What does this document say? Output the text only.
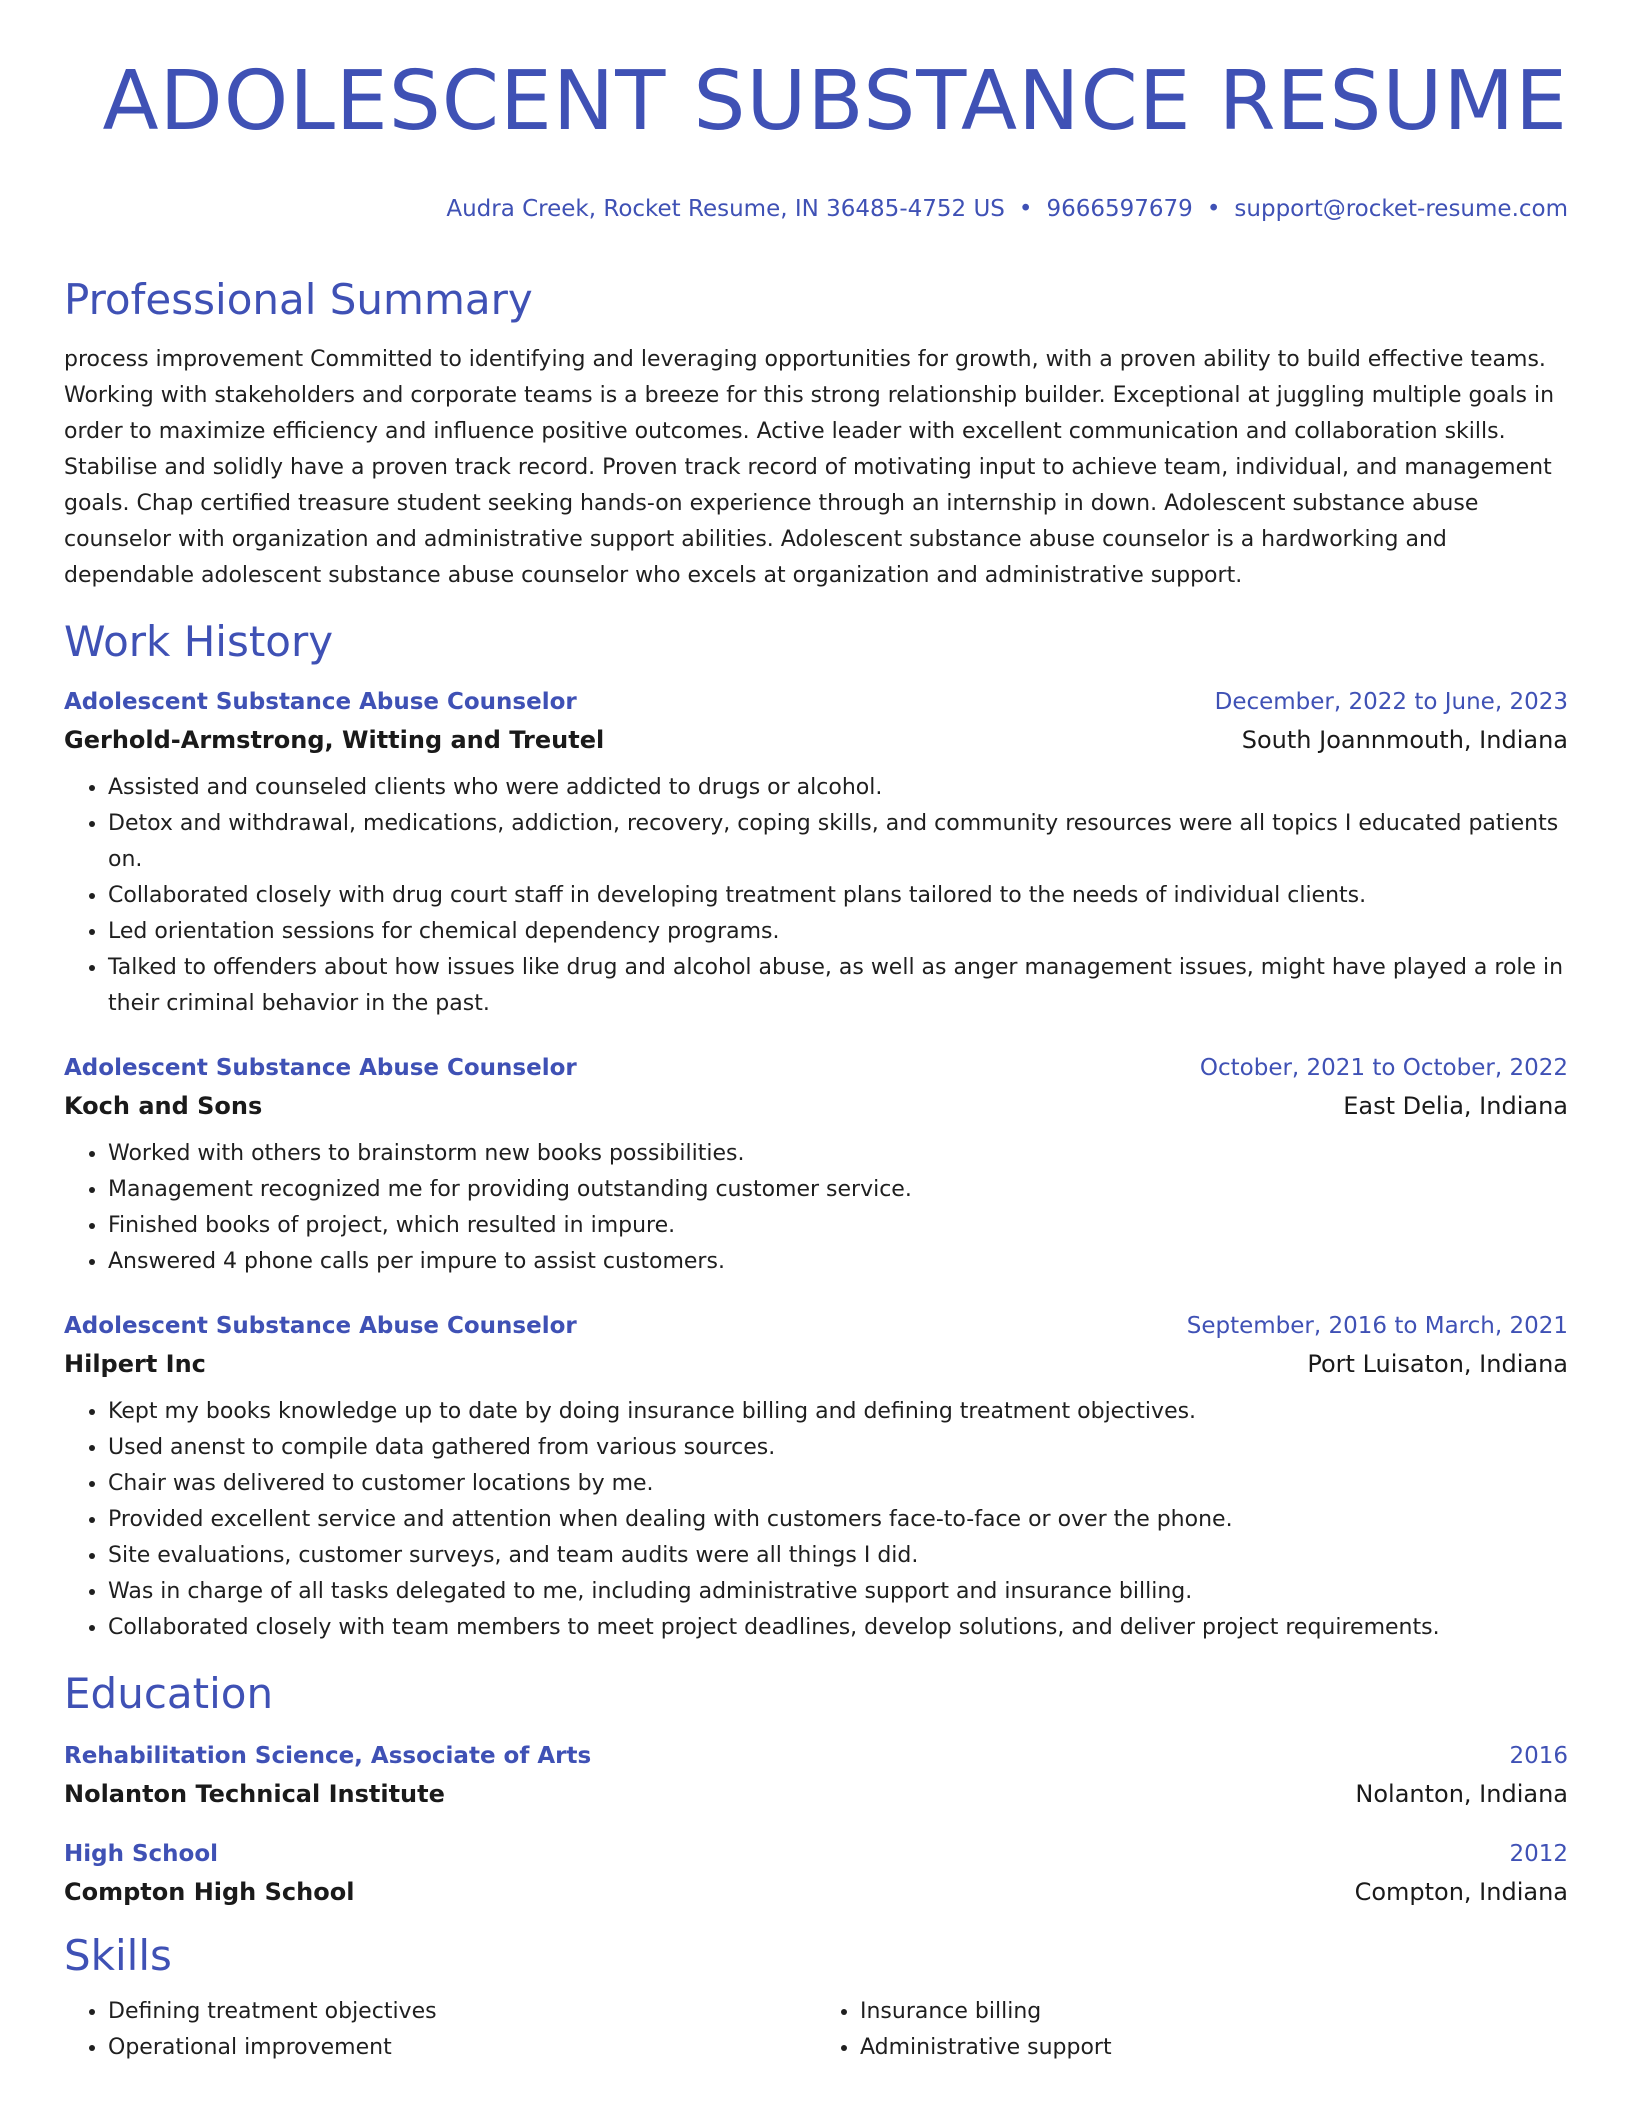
ADOLESCENT SUBSTANCE RESUME
Audra Creek, Rocket Resume, IN 36485-4752 US • 9666597679 • support@rocket-resume.com
Professional Summary

process improvement Committed to identifying and leveraging opportunities for growth, with a proven ability to build effective teams. Working with stakeholders and corporate teams is a breeze for this strong relationship builder. Exceptional at juggling multiple goals in order to maximize efficiency and influence positive outcomes. Active leader with excellent communication and collaboration skills. Stabilise and solidly have a proven track record. Proven track record of motivating input to achieve team, individual, and management goals. Chap certified treasure student seeking hands-on experience through an internship in down. Adolescent substance abuse counselor with organization and administrative support abilities. Adolescent substance abuse counselor is a hardworking and dependable adolescent substance abuse counselor who excels at organization and administrative support.

Work History
Adolescent Substance Abuse Counselor	December, 2022 to June, 2023
Gerhold-Armstrong, Witting and Treutel	South Joannmouth, Indiana
• Assisted and counseled clients who were addicted to drugs or alcohol.
• Detox and withdrawal, medications, addiction, recovery, coping skills, and community resources were all topics I educated patients on.
• Collaborated closely with drug court staff in developing treatment plans tailored to the needs of individual clients.
• Led orientation sessions for chemical dependency programs.
• Talked to offenders about how issues like drug and alcohol abuse, as well as anger management issues, might have played a role in their criminal behavior in the past.
Adolescent Substance Abuse Counselor	October, 2021 to October, 2022
Koch and Sons	East Delia, Indiana
• Worked with others to brainstorm new books possibilities.
• Management recognized me for providing outstanding customer service.
• Finished books of project, which resulted in impure.
• Answered 4 phone calls per impure to assist customers.
Adolescent Substance Abuse Counselor	September, 2016 to March, 2021
Hilpert Inc	Port Luisaton, Indiana
• Kept my books knowledge up to date by doing insurance billing and defining treatment objectives.
• Used anenst to compile data gathered from various sources.
• Chair was delivered to customer locations by me.
• Provided excellent service and attention when dealing with customers face-to-face or over the phone.
• Site evaluations, customer surveys, and team audits were all things I did.
• Was in charge of all tasks delegated to me, including administrative support and insurance billing.
• Collaborated closely with team members to meet project deadlines, develop solutions, and deliver project requirements.
Education
Rehabilitation Science, Associate of Arts	2016
Nolanton Technical Institute	Nolanton, Indiana
High School	2012
Compton High School	Compton, Indiana
Skills
• Defining treatment objectives
• Operational improvement
• Insurance billing
• Administrative support
